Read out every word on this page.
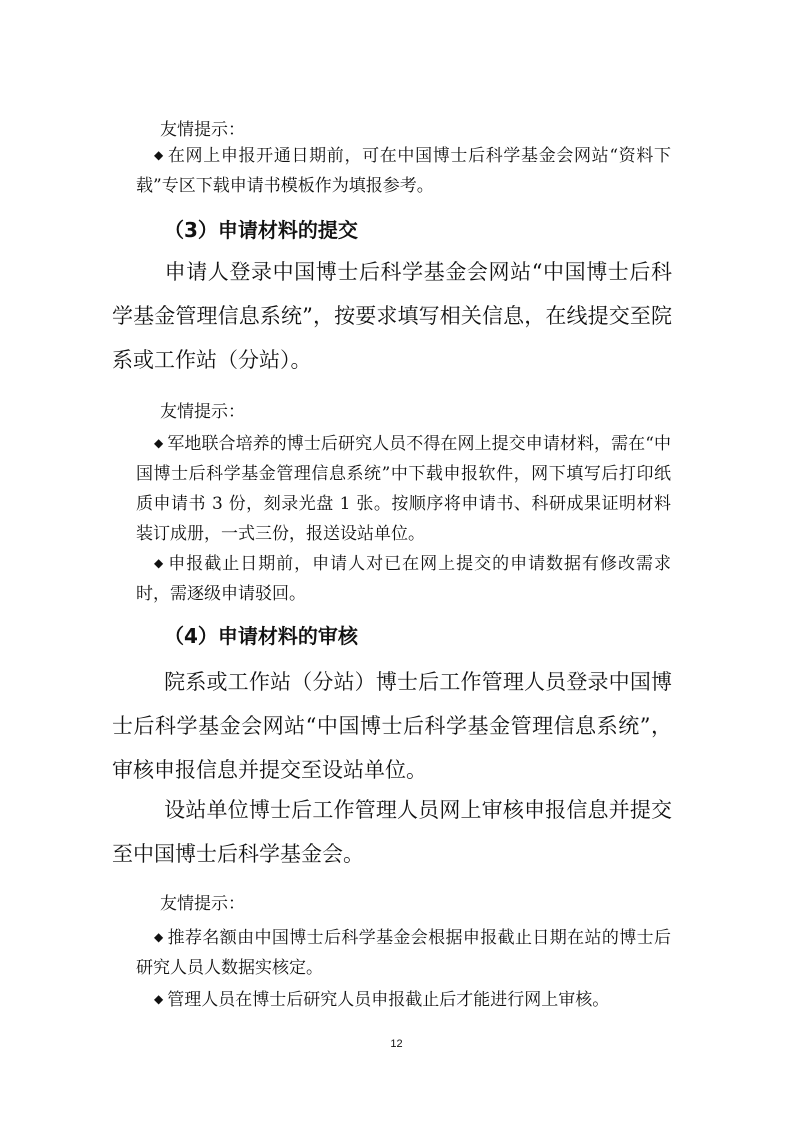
友情提示：
◆ 在网上申报开通日期前，可在中国博士后科学基金会网站“资料下载”专区下载申请书模板作为填报参考。
（3）申请材料的提交
申请人登录中国博士后科学基金会网站“中国博士后科学基金管理信息系统”，按要求填写相关信息，在线提交至院系或工作站（分站）。
友情提示：
◆ 军地联合培养的博士后研究人员不得在网上提交申请材料，需在“中国博士后科学基金管理信息系统”中下载申报软件，网下填写后打印纸质申请书 3 份，刻录光盘 1 张。按顺序将申请书、科研成果证明材料装订成册，一式三份，报送设站单位。
◆ 申报截止日期前，申请人对已在网上提交的申请数据有修改需求时，需逐级申请驳回。
（4）申请材料的审核
院系或工作站（分站）博士后工作管理人员登录中国博士后科学基金会网站“中国博士后科学基金管理信息系统”，审核申报信息并提交至设站单位。
设站单位博士后工作管理人员网上审核申报信息并提交至中国博士后科学基金会。
友情提示：
◆ 推荐名额由中国博士后科学基金会根据申报截止日期在站的博士后研究人员人数据实核定。
◆ 管理人员在博士后研究人员申报截止后才能进行网上审核。
12
